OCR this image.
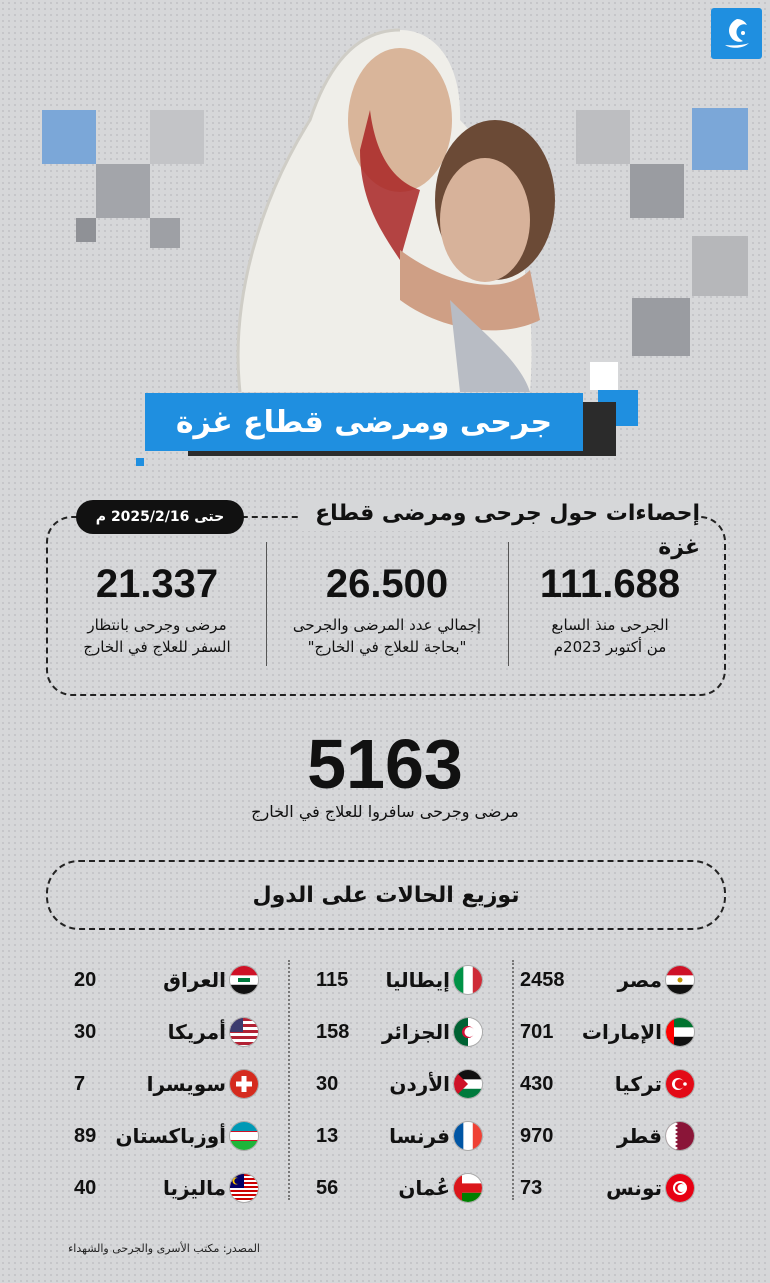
جرحى ومرضى قطاع غزة
إحصاءات حول جرحى ومرضى قطاع غزة
حتى 2025/2/16 م
111.688
الجرحى منذ السابع
من أكتوبر 2023م
26.500
إجمالي عدد المرضى والجرحى
"بحاجة للعلاج في الخارج"
21.337
مرضى وجرحى بانتظار
السفر للعلاج في الخارج
5163
مرضى وجرحى سافروا للعلاج في الخارج
توزيع الحالات على الدول
مصر
2458
الإمارات
701
تركيا
430
قطر
970
تونس
73
إيطاليا
115
الجزائر
158
الأردن
30
فرنسا
13
عُمان
56
العراق
20
أمريكا
30
سويسرا
7
أوزباكستان
89
ماليزيا
40
المصدر: مكتب الأسرى والجرحى والشهداء
